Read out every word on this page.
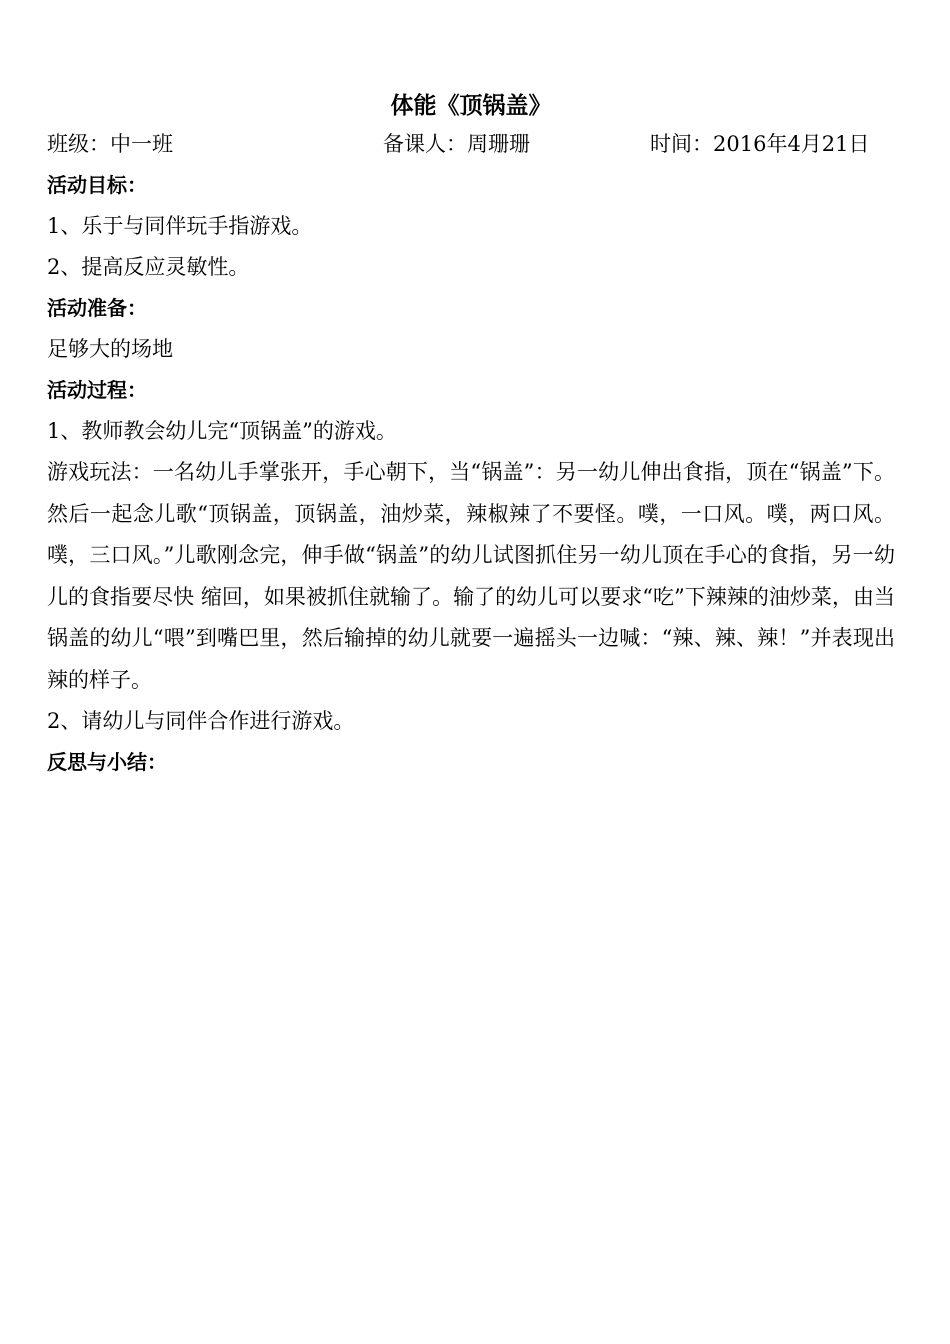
体能《顶锅盖》
班级：中一班	备课人：周珊珊	时间：2016年4月21日

活动目标：

1、乐于与同伴玩手指游戏。

2、提高反应灵敏性。

活动准备：

足够大的场地

活动过程：

1、教师教会幼儿完“顶锅盖”的游戏。

游戏玩法：一名幼儿手掌张开，手心朝下，当“锅盖”：另一幼儿伸出食指，顶在“锅盖”下。然后一起念儿歌“顶锅盖，顶锅盖，油炒菜，辣椒辣了不要怪。噗，一口风。噗，两口风。噗，三口风。”儿歌刚念完，伸手做“锅盖”的幼儿试图抓住另一幼儿顶在手心的食指，另一幼儿的食指要尽快 缩回，如果被抓住就输了。输了的幼儿可以要求“吃”下辣辣的油炒菜，由当锅盖的幼儿“喂”到嘴巴里，然后输掉的幼儿就要一遍摇头一边喊：“辣、辣、辣！”并表现出辣的样子。

2、请幼儿与同伴合作进行游戏。

反思与小结：
